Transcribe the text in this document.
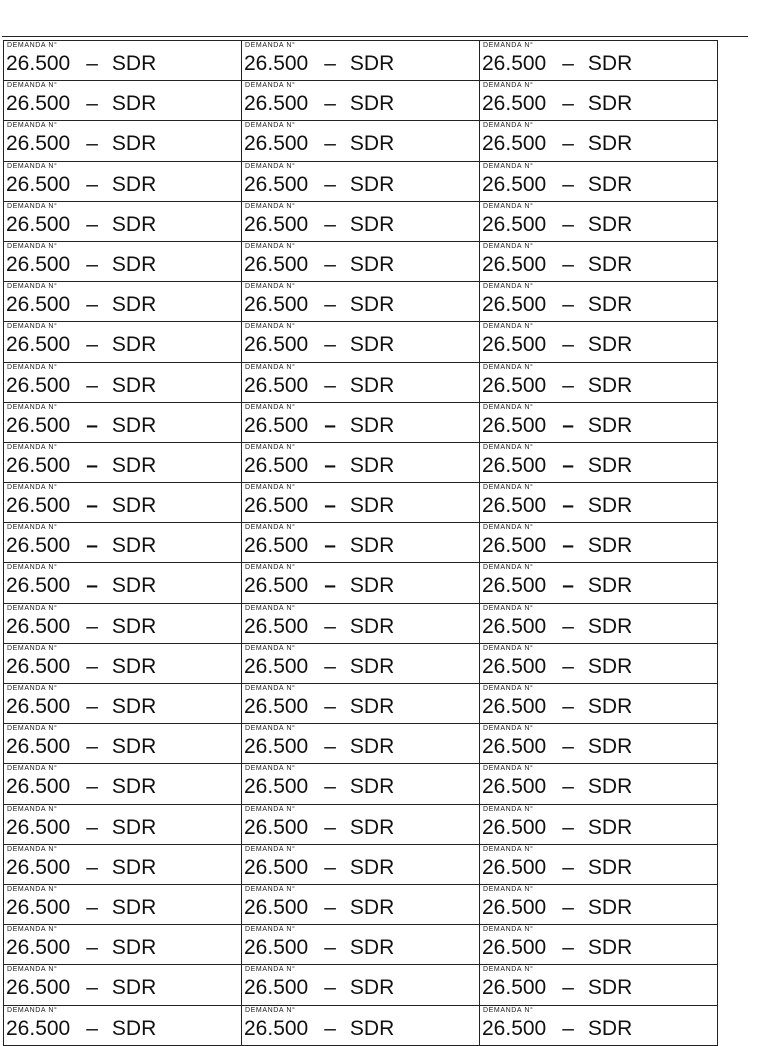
DEMANDA N°
26.500 – SDR
DEMANDA N°
26.500 – SDR
DEMANDA N°
26.500 – SDR
DEMANDA N°
26.500 – SDR
DEMANDA N°
26.500 – SDR
DEMANDA N°
26.500 – SDR
DEMANDA N°
26.500 – SDR
DEMANDA N°
26.500 – SDR
DEMANDA N°
26.500 – SDR
DEMANDA N°
26.500 – SDR
DEMANDA N°
26.500 – SDR
DEMANDA N°
26.500 – SDR
DEMANDA N°
26.500 – SDR
DEMANDA N°
26.500 – SDR
DEMANDA N°
26.500 – SDR
DEMANDA N°
26.500 – SDR
DEMANDA N°
26.500 – SDR
DEMANDA N°
26.500 – SDR
DEMANDA N°
26.500 – SDR
DEMANDA N°
26.500 – SDR
DEMANDA N°
26.500 – SDR
DEMANDA N°
26.500 – SDR
DEMANDA N°
26.500 – SDR
DEMANDA N°
26.500 – SDR
DEMANDA N°
26.500 – SDR
DEMANDA N°
26.500 – SDR
DEMANDA N°
26.500 – SDR
DEMANDA N°
26.500 – SDR
DEMANDA N°
26.500 – SDR
DEMANDA N°
26.500 – SDR
DEMANDA N°
26.500 – SDR
DEMANDA N°
26.500 – SDR
DEMANDA N°
26.500 – SDR
DEMANDA N°
26.500 – SDR
DEMANDA N°
26.500 – SDR
DEMANDA N°
26.500 – SDR
DEMANDA N°
26.500 – SDR
DEMANDA N°
26.500 – SDR
DEMANDA N°
26.500 – SDR
DEMANDA N°
26.500 – SDR
DEMANDA N°
26.500 – SDR
DEMANDA N°
26.500 – SDR
DEMANDA N°
26.500 – SDR
DEMANDA N°
26.500 – SDR
DEMANDA N°
26.500 – SDR
DEMANDA N°
26.500 – SDR
DEMANDA N°
26.500 – SDR
DEMANDA N°
26.500 – SDR
DEMANDA N°
26.500 – SDR
DEMANDA N°
26.500 – SDR
DEMANDA N°
26.500 – SDR
DEMANDA N°
26.500 – SDR
DEMANDA N°
26.500 – SDR
DEMANDA N°
26.500 – SDR
DEMANDA N°
26.500 – SDR
DEMANDA N°
26.500 – SDR
DEMANDA N°
26.500 – SDR
DEMANDA N°
26.500 – SDR
DEMANDA N°
26.500 – SDR
DEMANDA N°
26.500 – SDR
DEMANDA N°
26.500 – SDR
DEMANDA N°
26.500 – SDR
DEMANDA N°
26.500 – SDR
DEMANDA N°
26.500 – SDR
DEMANDA N°
26.500 – SDR
DEMANDA N°
26.500 – SDR
DEMANDA N°
26.500 – SDR
DEMANDA N°
26.500 – SDR
DEMANDA N°
26.500 – SDR
DEMANDA N°
26.500 – SDR
DEMANDA N°
26.500 – SDR
DEMANDA N°
26.500 – SDR
DEMANDA N°
26.500 – SDR
DEMANDA N°
26.500 – SDR
DEMANDA N°
26.500 – SDR
